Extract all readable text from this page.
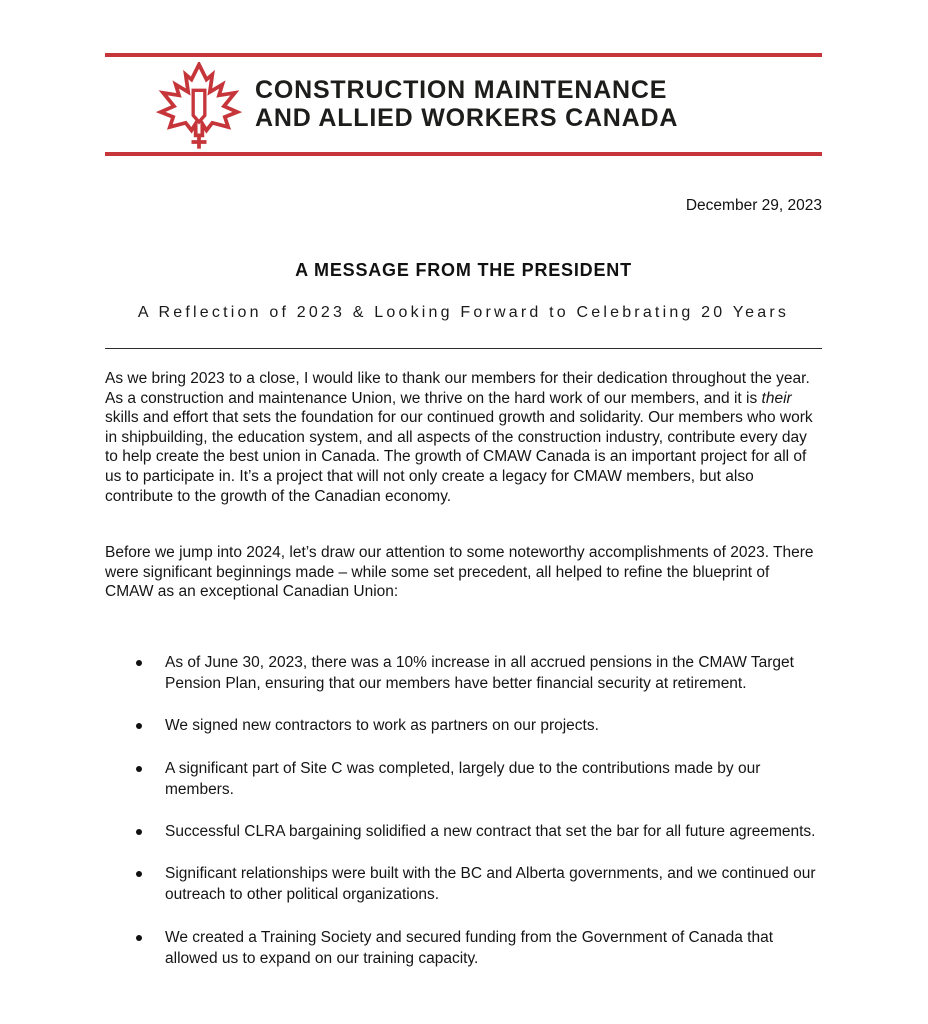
CONSTRUCTION MAINTENANCE
AND ALLIED WORKERS CANADA
December 29, 2023
A MESSAGE FROM THE PRESIDENT
A Reflection of 2023 & Looking Forward to Celebrating 20 Years

As we bring 2023 to a close, I would like to thank our members for their dedication throughout the year. As a construction and maintenance Union, we thrive on the hard work of our members, and it is their skills and effort that sets the foundation for our continued growth and solidarity. Our members who work in shipbuilding, the education system, and all aspects of the construction industry, contribute every day to help create the best union in Canada. The growth of CMAW Canada is an important project for all of us to participate in. It’s a project that will not only create a legacy for CMAW members, but also contribute to the growth of the Canadian economy.

Before we jump into 2024, let’s draw our attention to some noteworthy accomplishments of 2023. There were significant beginnings made – while some set precedent, all helped to refine the blueprint of CMAW as an exceptional Canadian Union:

As of June 30, 2023, there was a 10% increase in all accrued pensions in the CMAW Target Pension Plan, ensuring that our members have better financial security at retirement.
We signed new contractors to work as partners on our projects.
A significant part of Site C was completed, largely due to the contributions made by our members.
Successful CLRA bargaining solidified a new contract that set the bar for all future agreements.
Significant relationships were built with the BC and Alberta governments, and we continued our outreach to other political organizations.
We created a Training Society and secured funding from the Government of Canada that allowed us to expand on our training capacity.
